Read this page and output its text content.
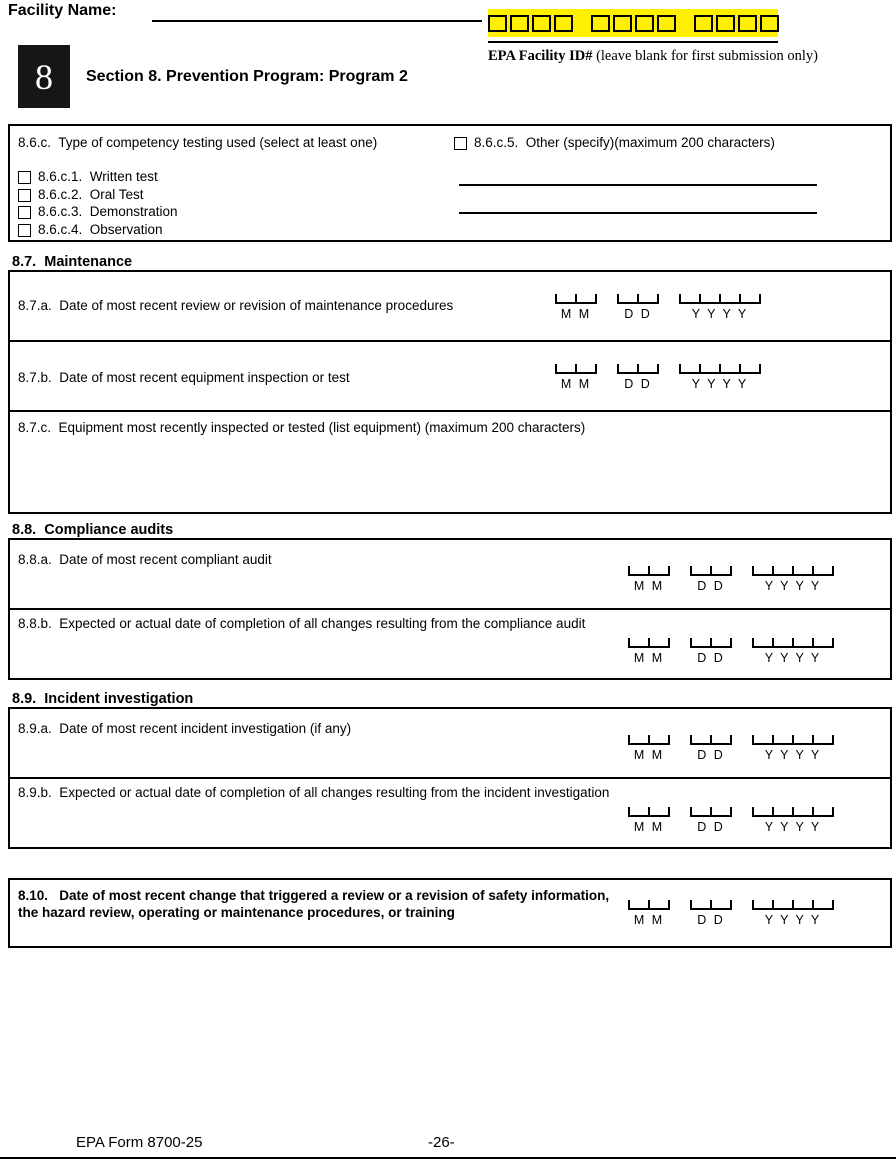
Facility Name:
EPA Facility ID# (leave blank for first submission only)
8	Section 8. Prevention Program: Program 2
8.6.c.  Type of competency testing used (select at least one)	8.6.c.5.  Other (specify)(maximum 200 characters)
8.6.c.1.  Written test
8.6.c.2.  Oral Test
8.6.c.3.  Demonstration
8.6.c.4.  Observation
8.7.  Maintenance
8.7.a.  Date of most recent review or revision of maintenance procedures
M M	D D	Y Y Y Y
8.7.b.  Date of most recent equipment inspection or test	M M	D D	Y Y Y Y
8.7.c.  Equipment most recently inspected or tested (list equipment) (maximum 200 characters)
8.8.  Compliance audits
8.8.a.  Date of most recent compliant audit
M M	D D	Y Y Y Y
8.8.b.  Expected or actual date of completion of all changes resulting from the compliance audit
M M	D D	Y Y Y Y
8.9.  Incident investigation
8.9.a.  Date of most recent incident investigation (if any)
M M	D D	Y Y Y Y
8.9.b.  Expected or actual date of completion of all changes resulting from the incident investigation
M M	D D	Y Y Y Y
8.10.   Date of most recent change that triggered a review or a revision of safety information, the hazard review, operating or maintenance procedures, or training
M M	D D	Y Y Y Y
EPA Form 8700-25	-26-
